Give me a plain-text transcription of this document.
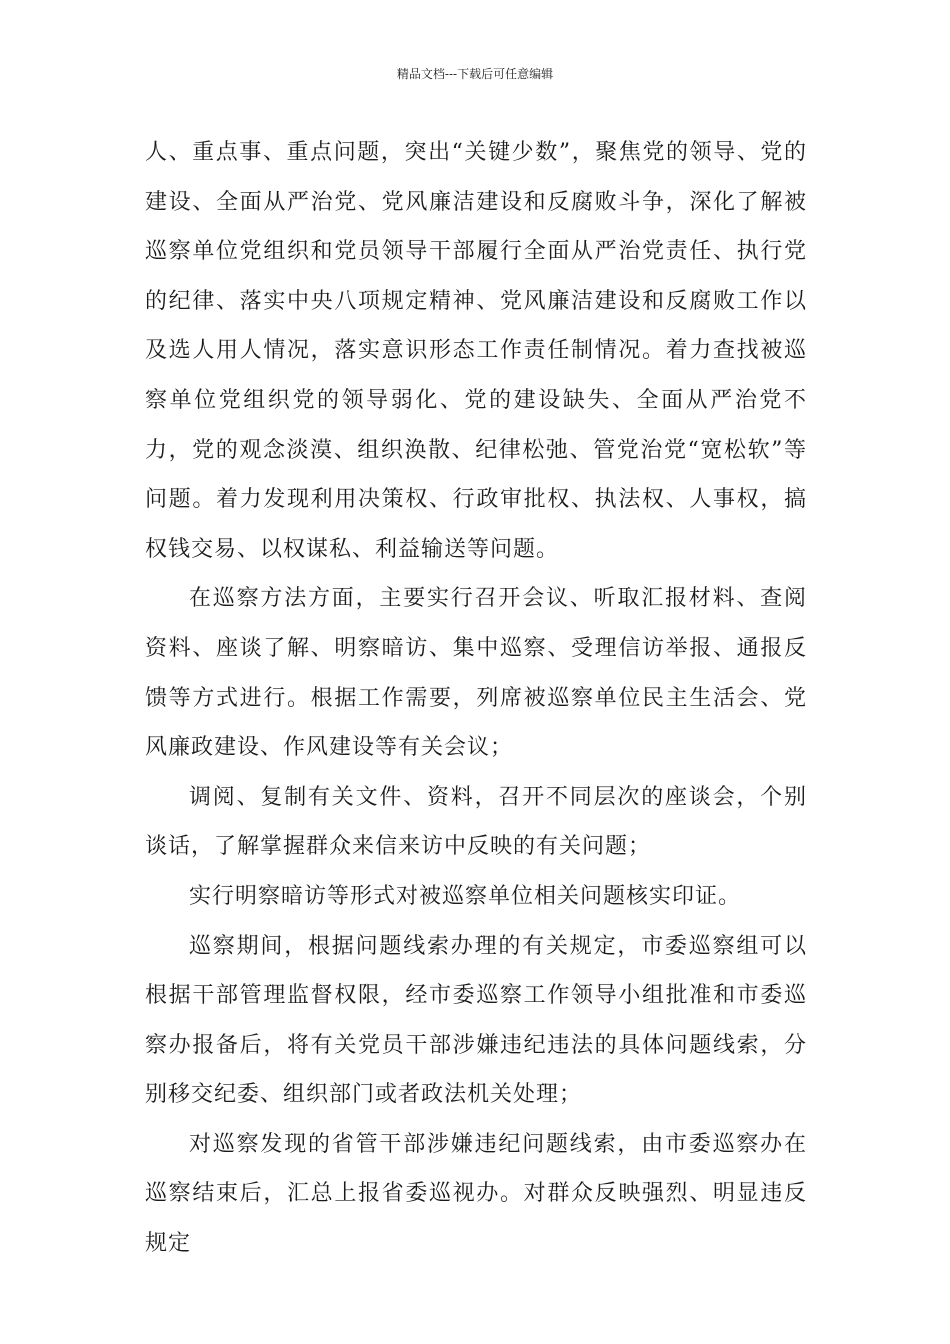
精品文档---下载后可任意编辑

人、重点事、重点问题，突出“关键少数”，聚焦党的领导、党的建设、全面从严治党、党风廉洁建设和反腐败斗争，深化了解被巡察单位党组织和党员领导干部履行全面从严治党责任、执行党的纪律、落实中央八项规定精神、党风廉洁建设和反腐败工作以及选人用人情况，落实意识形态工作责任制情况。着力查找被巡察单位党组织党的领导弱化、党的建设缺失、全面从严治党不力，党的观念淡漠、组织涣散、纪律松弛、管党治党“宽松软”等问题。着力发现利用决策权、行政审批权、执法权、人事权，搞权钱交易、以权谋私、利益输送等问题。

在巡察方法方面，主要实行召开会议、听取汇报材料、查阅资料、座谈了解、明察暗访、集中巡察、受理信访举报、通报反馈等方式进行。根据工作需要，列席被巡察单位民主生活会、党风廉政建设、作风建设等有关会议；

调阅、复制有关文件、资料，召开不同层次的座谈会，个别谈话，了解掌握群众来信来访中反映的有关问题；

实行明察暗访等形式对被巡察单位相关问题核实印证。

巡察期间，根据问题线索办理的有关规定，市委巡察组可以根据干部管理监督权限，经市委巡察工作领导小组批准和市委巡察办报备后，将有关党员干部涉嫌违纪违法的具体问题线索，分别移交纪委、组织部门或者政法机关处理；

对巡察发现的省管干部涉嫌违纪问题线索，由市委巡察办在巡察结束后，汇总上报省委巡视办。对群众反映强烈、明显违反规定
